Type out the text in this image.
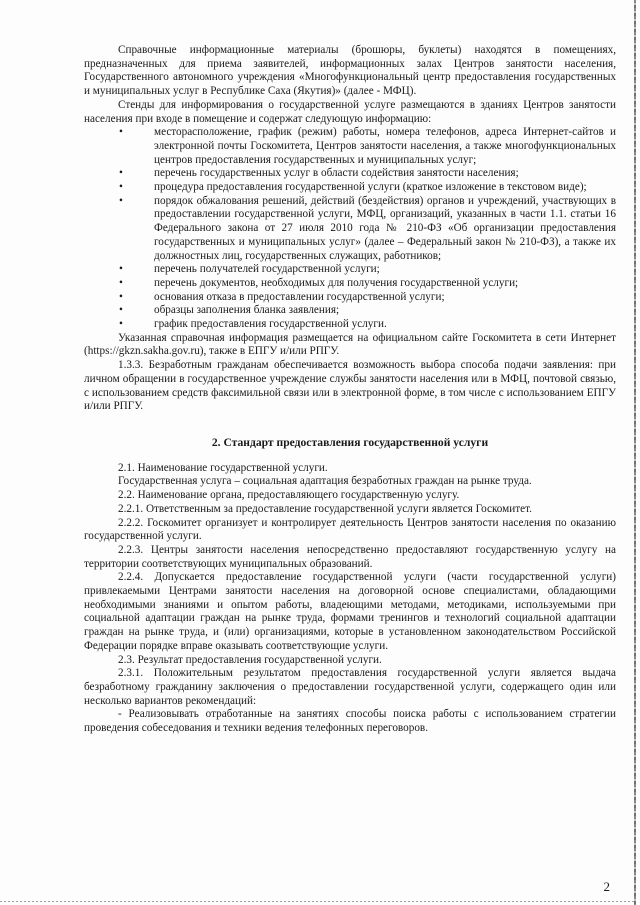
Справочные информационные материалы (брошюры, буклеты) находятся в помещениях, предназначенных для приема заявителей, информационных залах Центров занятости населения, Государственного автономного учреждения «Многофункциональный центр предоставления государственных и муниципальных услуг в Республике Саха (Якутия)» (далее - МФЦ).

Стенды для информирования о государственной услуге размещаются в зданиях Центров занятости населения при входе в помещение и содержат следующую информацию:

•	месторасположение, график (режим) работы, номера телефонов, адреса Интернет-сайтов и электронной почты Госкомитета, Центров занятости населения, а также многофункциональных центров предоставления государственных и муниципальных услуг;

•	перечень государственных услуг в области содействия занятости населения;

•	процедура предоставления государственной услуги (краткое изложение в текстовом виде);

•	порядок обжалования решений, действий (бездействия) органов и учреждений, участвующих в предоставлении государственной услуги, МФЦ, организаций, указанных в части 1.1. статьи 16 Федерального закона от 27 июля 2010 года № 210-ФЗ «Об организации предоставления государственных и муниципальных услуг» (далее – Федеральный закон № 210-ФЗ), а также их должностных лиц, государственных служащих, работников;

•	перечень получателей государственной услуги;

•	перечень документов, необходимых для получения государственной услуги;

•	основания отказа в предоставлении государственной услуги;

•	образцы заполнения бланка заявления;

•	график предоставления государственной услуги.

Указанная справочная информация размещается на официальном сайте Госкомитета в сети Интернет (https://gkzn.sakha.gov.ru), также в ЕПГУ и/или РПГУ.

1.3.3. Безработным гражданам обеспечивается возможность выбора способа подачи заявления: при личном обращении в государственное учреждение службы занятости населения или в МФЦ, почтовой связью, с использованием средств факсимильной связи или в электронной форме, в том числе с использованием ЕПГУ и/или РПГУ.

2. Стандарт предоставления государственной услуги

2.1. Наименование государственной услуги.

Государственная услуга – социальная адаптация безработных граждан на рынке труда.

2.2. Наименование органа, предоставляющего государственную услугу.

2.2.1. Ответственным за предоставление государственной услуги является Госкомитет.

2.2.2. Госкомитет организует и контролирует деятельность Центров занятости населения по оказанию государственной услуги.

2.2.3. Центры занятости населения непосредственно предоставляют государственную услугу на территории соответствующих муниципальных образований.

2.2.4. Допускается предоставление государственной услуги (части государственной услуги) привлекаемыми Центрами занятости населения на договорной основе специалистами, обладающими необходимыми знаниями и опытом работы, владеющими методами, методиками, используемыми при социальной адаптации граждан на рынке труда, формами тренингов и технологий социальной адаптации граждан на рынке труда, и (или) организациями, которые в установленном законодательством Российской Федерации порядке вправе оказывать соответствующие услуги.

2.3. Результат предоставления государственной услуги.

2.3.1. Положительным результатом предоставления государственной услуги является выдача безработному гражданину заключения о предоставлении государственной услуги, содержащего один или несколько вариантов рекомендаций:

- Реализовывать отработанные на занятиях способы поиска работы с использованием стратегии проведения собеседования и техники ведения телефонных переговоров.

2
